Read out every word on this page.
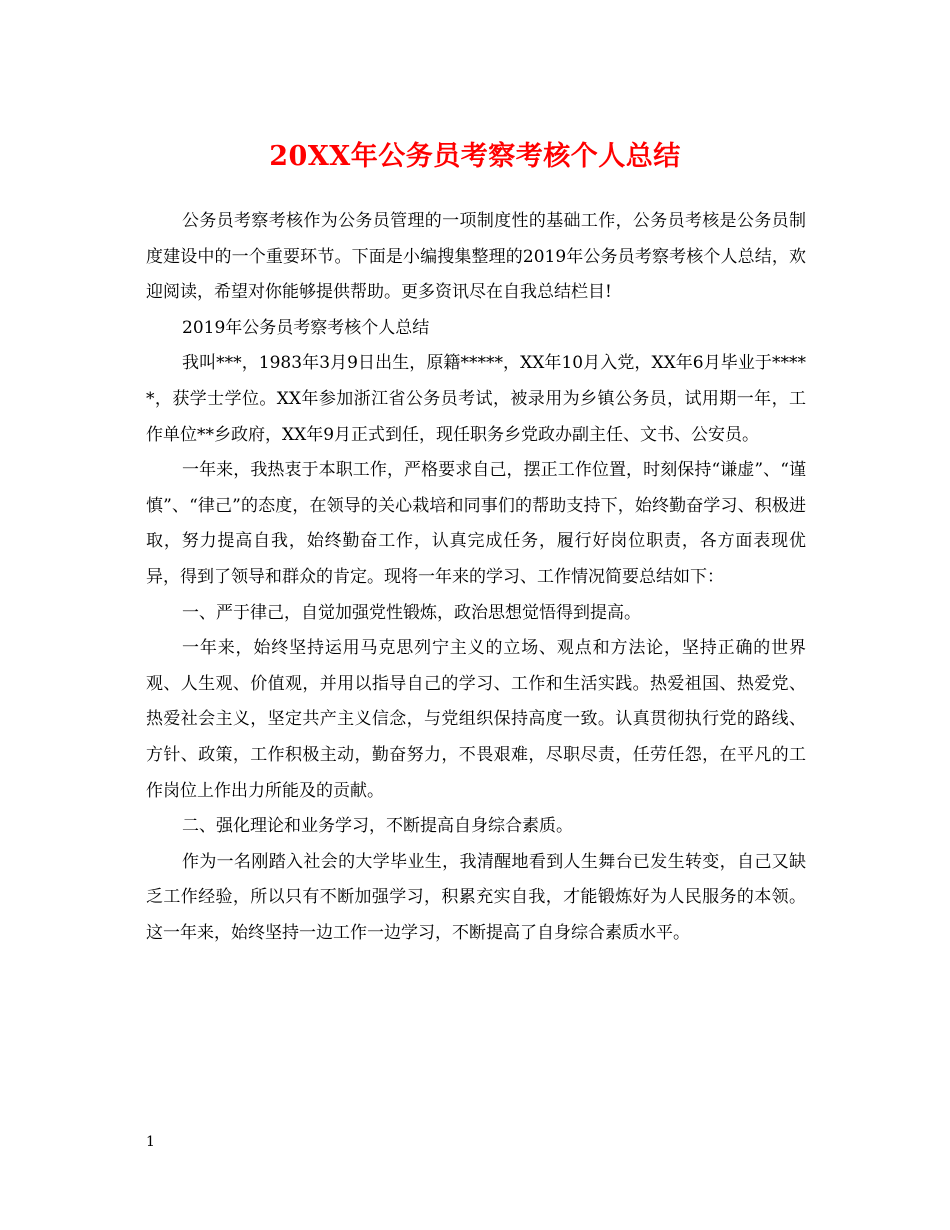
20XX年公务员考察考核个人总结

公务员考察考核作为公务员管理的一项制度性的基础工作，公务员考核是公务员制度建设中的一个重要环节。下面是小编搜集整理的2019年公务员考察考核个人总结，欢迎阅读，希望对你能够提供帮助。更多资讯尽在自我总结栏目!

2019年公务员考察考核个人总结

我叫***，1983年3月9日出生，原籍*****，XX年10月入党，XX年6月毕业于*****，获学士学位。XX年参加浙江省公务员考试，被录用为乡镇公务员，试用期一年，工作单位**乡政府，XX年9月正式到任，现任职务乡党政办副主任、文书、公安员。

一年来，我热衷于本职工作，严格要求自己，摆正工作位置，时刻保持“谦虚”、“谨慎”、“律己”的态度，在领导的关心栽培和同事们的帮助支持下，始终勤奋学习、积极进取，努力提高自我，始终勤奋工作，认真完成任务，履行好岗位职责，各方面表现优异，得到了领导和群众的肯定。现将一年来的学习、工作情况简要总结如下：

一、严于律己，自觉加强党性锻炼，政治思想觉悟得到提高。

一年来，始终坚持运用马克思列宁主义的立场、观点和方法论，坚持正确的世界观、人生观、价值观，并用以指导自己的学习、工作和生活实践。热爱祖国、热爱党、热爱社会主义，坚定共产主义信念，与党组织保持高度一致。认真贯彻执行党的路线、方针、政策，工作积极主动，勤奋努力，不畏艰难，尽职尽责，任劳任怨，在平凡的工作岗位上作出力所能及的贡献。

二、强化理论和业务学习，不断提高自身综合素质。

作为一名刚踏入社会的大学毕业生，我清醒地看到人生舞台已发生转变，自己又缺乏工作经验，所以只有不断加强学习，积累充实自我，才能锻炼好为人民服务的本领。这一年来，始终坚持一边工作一边学习，不断提高了自身综合素质水平。

1
